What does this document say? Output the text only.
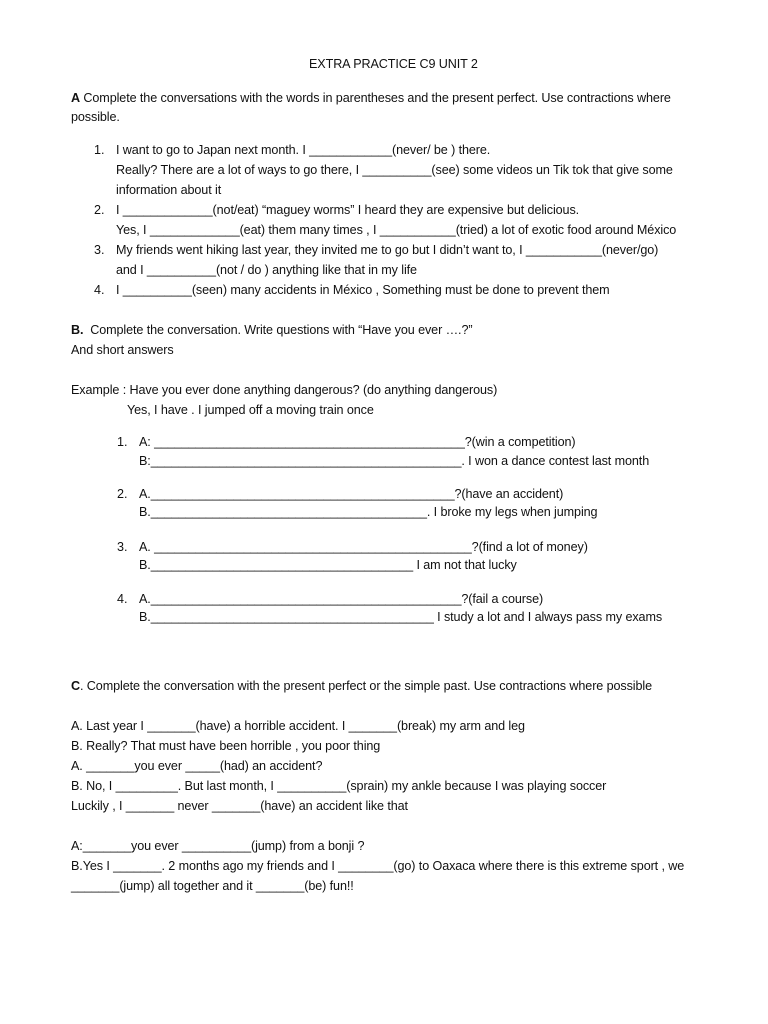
EXTRA PRACTICE C9 UNIT 2
A Complete the conversations with the words in parentheses and the present perfect. Use contractions where
possible.
1. I want to go to Japan next month. I ____________(never/ be ) there.
Really? There are a lot of ways to go there, I __________(see) some videos un Tik tok that give some
information about it
2. I _____________(not/eat) “maguey worms” I heard they are expensive but delicious.
Yes, I _____________(eat) them many times , I ___________(tried) a lot of exotic food around México
3. My friends went hiking last year, they invited me to go but I didn’t want to, I ___________(never/go)
and I __________(not / do ) anything like that in my life
4. I __________(seen) many accidents in México , Something must be done to prevent them
B.  Complete the conversation. Write questions with “Have you ever ….?”
And short answers
Example : Have you ever done anything dangerous? (do anything dangerous)
Yes, I have . I jumped off a moving train once
1. A: _____________________________________________?(win a competition)
B:_____________________________________________. I won a dance contest last month
2. A.____________________________________________?(have an accident)
B.________________________________________. I broke my legs when jumping
3. A. ______________________________________________?(find a lot of money)
B.______________________________________ I am not that lucky
4. A._____________________________________________?(fail a course)
B._________________________________________ I study a lot and I always pass my exams
C. Complete the conversation with the present perfect or the simple past. Use contractions where possible
A. Last year I _______(have) a horrible accident. I _______(break) my arm and leg
B. Really? That must have been horrible , you poor thing
A. _______you ever _____(had) an accident?
B. No, I _________. But last month, I __________(sprain) my ankle because I was playing soccer
Luckily , I _______ never _______(have) an accident like that
A:_______you ever __________(jump) from a bonji ?
B.Yes I _______. 2 months ago my friends and I ________(go) to Oaxaca where there is this extreme sport , we
_______(jump) all together and it _______(be) fun!!
